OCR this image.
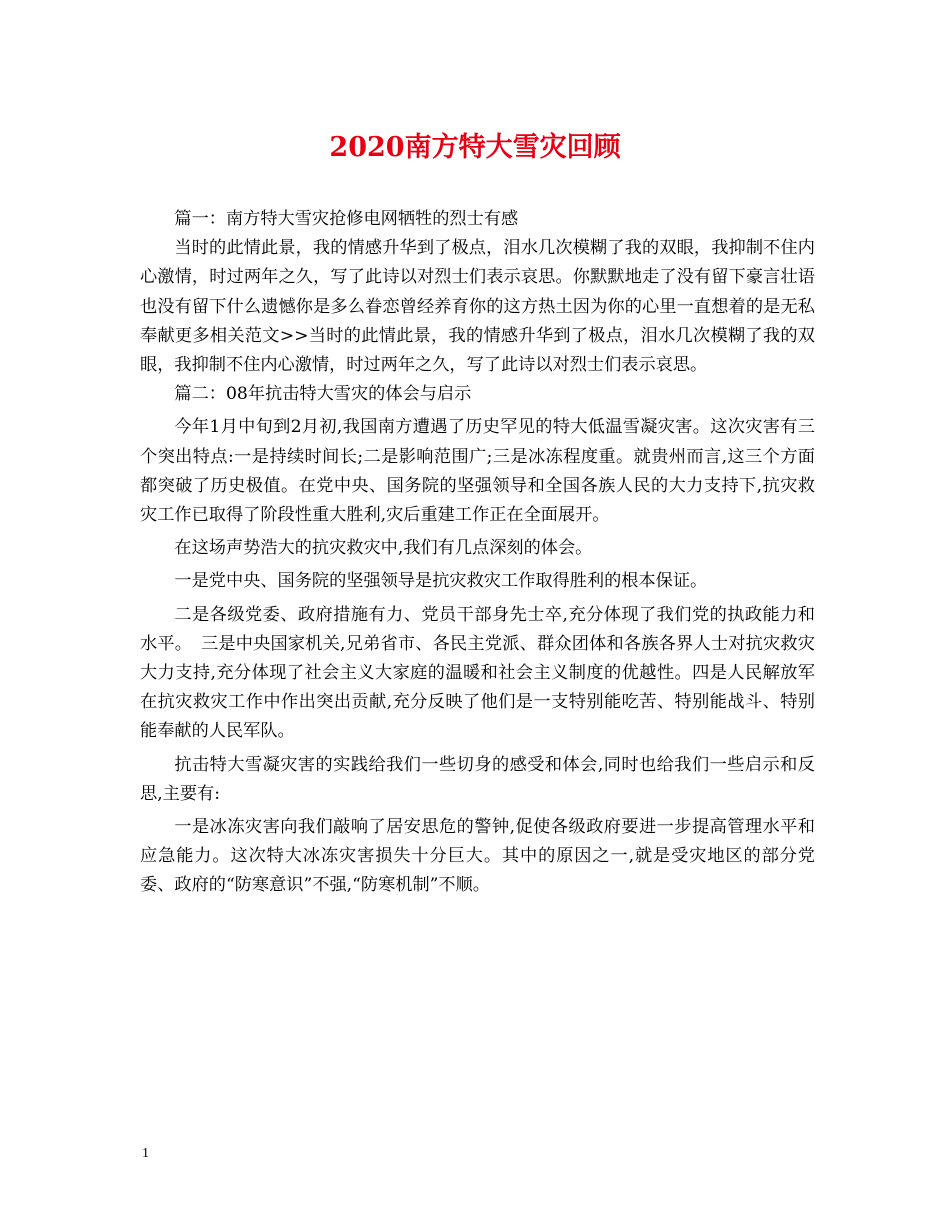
2020南方特大雪灾回顾

篇一：南方特大雪灾抢修电网牺牲的烈士有感

当时的此情此景，我的情感升华到了极点，泪水几次模糊了我的双眼，我抑制不住内心激情，时过两年之久，写了此诗以对烈士们表示哀思。你默默地走了没有留下豪言壮语也没有留下什么遗憾你是多么眷恋曾经养育你的这方热土因为你的心里一直想着的是无私奉献更多相关范文>>当时的此情此景，我的情感升华到了极点，泪水几次模糊了我的双眼，我抑制不住内心激情，时过两年之久，写了此诗以对烈士们表示哀思。

篇二：08年抗击特大雪灾的体会与启示

今年1月中旬到2月初,我国南方遭遇了历史罕见的特大低温雪凝灾害。这次灾害有三个突出特点:一是持续时间长;二是影响范围广;三是冰冻程度重。就贵州而言,这三个方面都突破了历史极值。在党中央、国务院的坚强领导和全国各族人民的大力支持下,抗灾救灾工作已取得了阶段性重大胜利,灾后重建工作正在全面展开。

在这场声势浩大的抗灾救灾中,我们有几点深刻的体会。

一是党中央、国务院的坚强领导是抗灾救灾工作取得胜利的根本保证。

二是各级党委、政府措施有力、党员干部身先士卒,充分体现了我们党的执政能力和水平。　三是中央国家机关,兄弟省市、各民主党派、群众团体和各族各界人士对抗灾救灾大力支持,充分体现了社会主义大家庭的温暖和社会主义制度的优越性。四是人民解放军在抗灾救灾工作中作出突出贡献,充分反映了他们是一支特别能吃苦、特别能战斗、特别能奉献的人民军队。

抗击特大雪凝灾害的实践给我们一些切身的感受和体会,同时也给我们一些启示和反思,主要有:

一是冰冻灾害向我们敲响了居安思危的警钟,促使各级政府要进一步提高管理水平和应急能力。这次特大冰冻灾害损失十分巨大。其中的原因之一,就是受灾地区的部分党委、政府的“防寒意识”不强,“防寒机制”不顺。

1
